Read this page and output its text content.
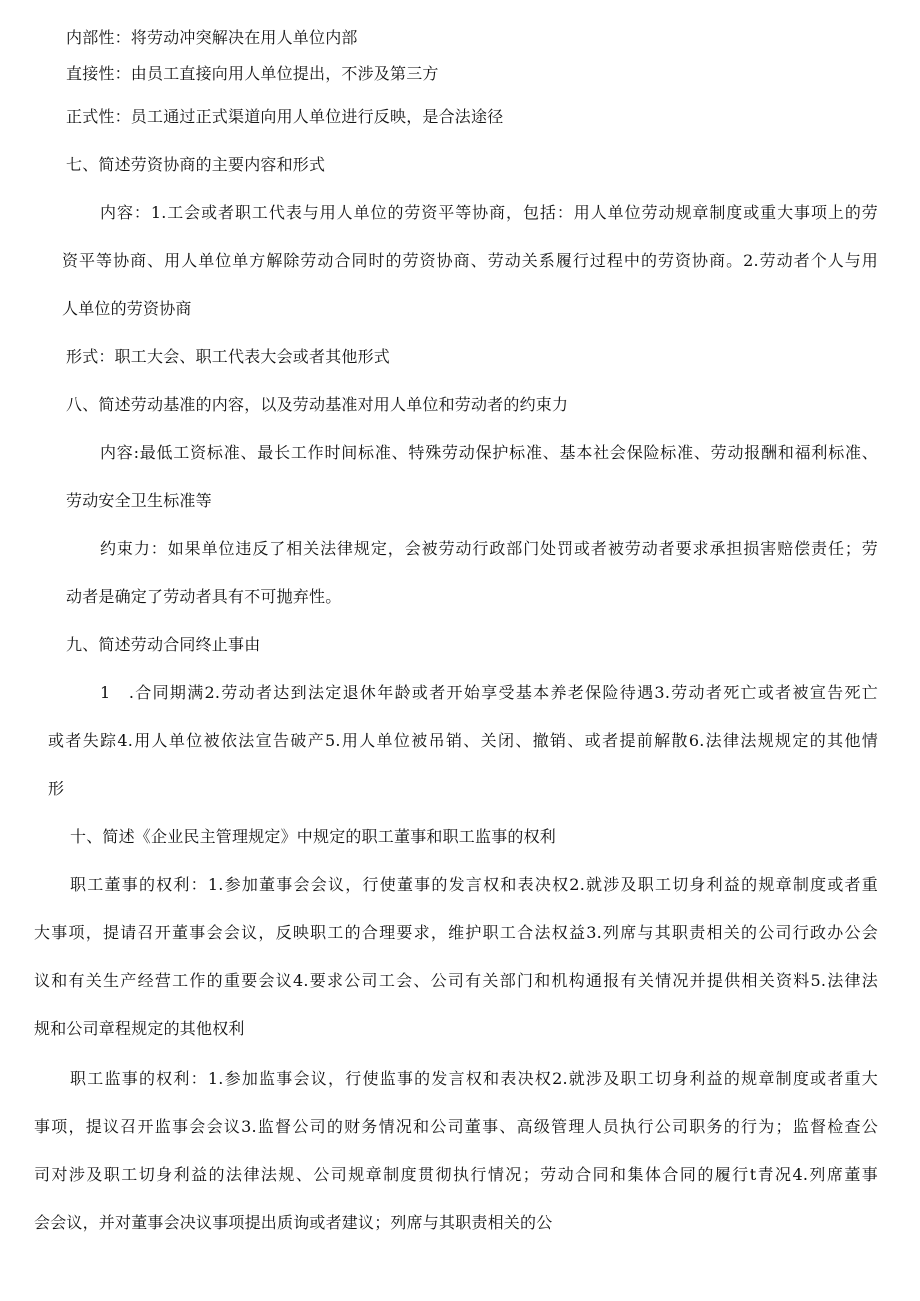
内部性：将劳动冲突解决在用人单位内部

直接性：由员工直接向用人单位提出，不涉及第三方

正式性：员工通过正式渠道向用人单位进行反映，是合法途径

七、简述劳资协商的主要内容和形式

内容：1.工会或者职工代表与用人单位的劳资平等协商，包括：用人单位劳动规章制度或重大事项上的劳

资平等协商、用人单位单方解除劳动合同时的劳资协商、劳动关系履行过程中的劳资协商。2.劳动者个人与用

人单位的劳资协商

形式：职工大会、职工代表大会或者其他形式

八、简述劳动基准的内容，以及劳动基准对用人单位和劳动者的约束力

内容:最低工资标准、最长工作时间标准、特殊劳动保护标准、基本社会保险标准、劳动报酬和福利标准、

劳动安全卫生标准等

约束力：如果单位违反了相关法律规定，会被劳动行政部门处罚或者被劳动者要求承担损害赔偿责任；劳

动者是确定了劳动者具有不可抛弃性。

九、简述劳动合同终止事由

1　.合同期满2.劳动者达到法定退休年龄或者开始享受基本养老保险待遇3.劳动者死亡或者被宣告死亡

或者失踪4.用人单位被依法宣告破产5.用人单位被吊销、关闭、撤销、或者提前解散6.法律法规规定的其他情

形

十、简述《企业民主管理规定》中规定的职工董事和职工监事的权利

职工董事的权利：1.参加董事会会议，行使董事的发言权和表决权2.就涉及职工切身利益的规章制度或者重

大事项，提请召开董事会会议，反映职工的合理要求，维护职工合法权益3.列席与其职责相关的公司行政办公会

议和有关生产经营工作的重要会议4.要求公司工会、公司有关部门和机构通报有关情况并提供相关资料5.法律法

规和公司章程规定的其他权利

职工监事的权利：1.参加监事会议，行使监事的发言权和表决权2.就涉及职工切身利益的规章制度或者重大

事项，提议召开监事会会议3.监督公司的财务情况和公司董事、高级管理人员执行公司职务的行为；监督检查公

司对涉及职工切身利益的法律法规、公司规章制度贯彻执行情况；劳动合同和集体合同的履行t青况4.列席董事

会会议，并对董事会决议事项提出质询或者建议；列席与其职责相关的公
